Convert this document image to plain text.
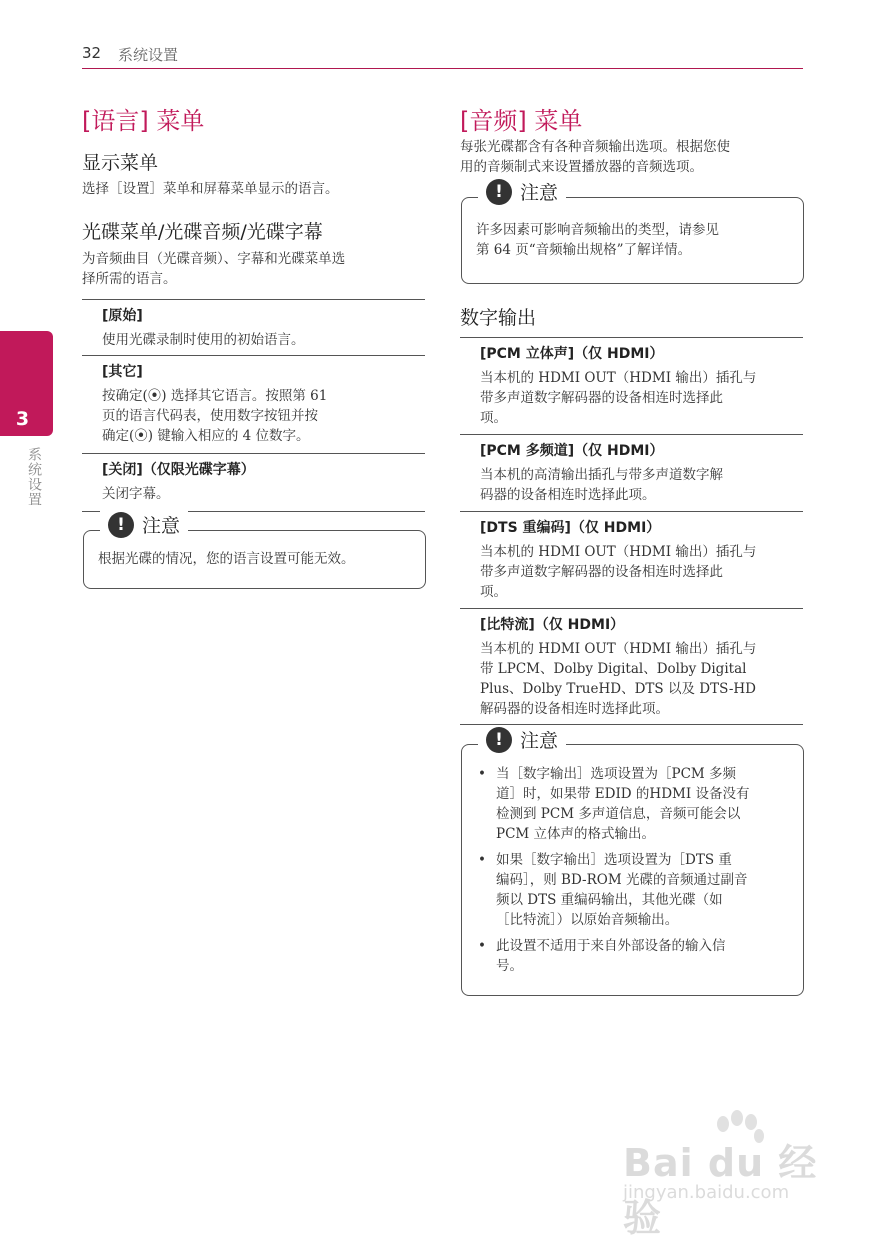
32 系统设置
3
系统设置
[语言] 菜单
显示菜单

选择［设置］菜单和屏幕菜单显示的语言。

光碟菜单/光碟音频/光碟字幕

为音频曲目（光碟音频）、字幕和光碟菜单选

择所需的语言。

[原始]

使用光碟录制时使用的初始语言。

[其它]

按确定(⦿) 选择其它语言。按照第 61

页的语言代码表，使用数字按钮并按

确定(⦿) 键输入相应的 4 位数字。

[关闭]（仅限光碟字幕）

关闭字幕。

根据光碟的情况，您的语言设置可能无效。

! 注意
[音频] 菜单

每张光碟都含有各种音频输出选项。根据您使

用的音频制式来设置播放器的音频选项。

许多因素可影响音频输出的类型，请参见

第 64 页“音频输出规格”了解详情。

! 注意
数字输出
[PCM 立体声]（仅 HDMI）

当本机的 HDMI OUT（HDMI 输出）插孔与

带多声道数字解码器的设备相连时选择此

项。

[PCM 多频道]（仅 HDMI）

当本机的高清输出插孔与带多声道数字解

码器的设备相连时选择此项。

[DTS 重编码]（仅 HDMI）

当本机的 HDMI OUT（HDMI 输出）插孔与

带多声道数字解码器的设备相连时选择此

项。

[比特流]（仅 HDMI）

当本机的 HDMI OUT（HDMI 输出）插孔与

带 LPCM、Dolby Digital、Dolby Digital

Plus、Dolby TrueHD、DTS 以及 DTS-HD

解码器的设备相连时选择此项。

• 当［数字输出］选项设置为［PCM 多频
道］时，如果带 EDID 的HDMI 设备没有
检测到 PCM 多声道信息，音频可能会以
PCM 立体声的格式输出。
• 如果［数字输出］选项设置为［DTS 重
编码］，则 BD-ROM 光碟的音频通过副音
频以 DTS 重编码输出，其他光碟（如
［比特流］）以原始音频输出。
• 此设置不适用于来自外部设备的输入信
号。
! 注意
Bai du 经验
jingyan.baidu.com
